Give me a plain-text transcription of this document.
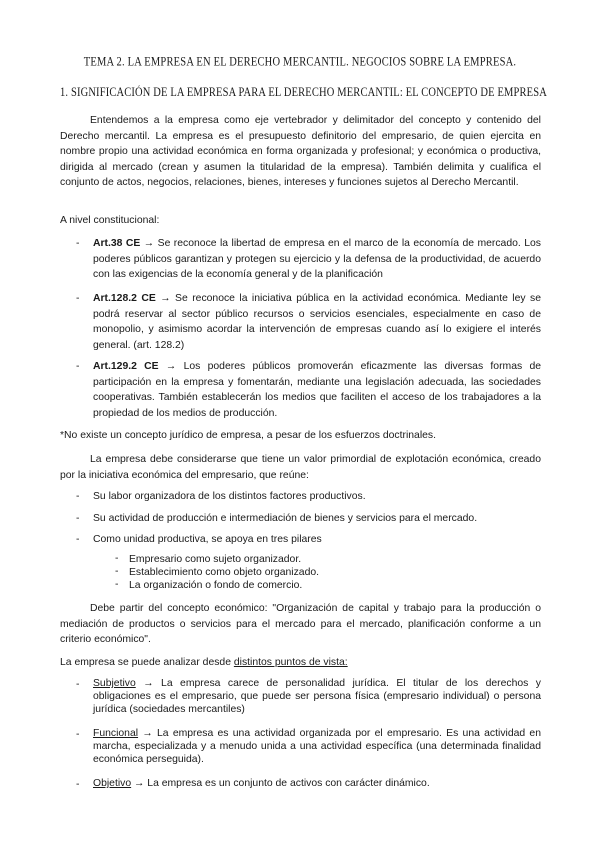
TEMA 2. LA EMPRESA EN EL DERECHO MERCANTIL. NEGOCIOS SOBRE LA EMPRESA.
1. SIGNIFICACIÓN DE LA EMPRESA PARA EL DERECHO MERCANTIL: EL CONCEPTO DE EMPRESA
Entendemos a la empresa como eje vertebrador y delimitador del concepto y contenido del Derecho mercantil. La empresa es el presupuesto definitorio del empresario, de quien ejercita en nombre propio una actividad económica en forma organizada y profesional; y económica o productiva, dirigida al mercado (crean y asumen la titularidad de la empresa). También delimita y cualifica el conjunto de actos, negocios, relaciones, bienes, intereses y funciones sujetos al Derecho Mercantil.
A nivel constitucional:
- Art.38 CE → Se reconoce la libertad de empresa en el marco de la economía de mercado. Los poderes públicos garantizan y protegen su ejercicio y la defensa de la productividad, de acuerdo con las exigencias de la economía general y de la planificación
- Art.128.2 CE → Se reconoce la iniciativa pública en la actividad económica. Mediante ley se podrá reservar al sector público recursos o servicios esenciales, especialmente en caso de monopolio, y asimismo acordar la intervención de empresas cuando así lo exigiere el interés general. (art. 128.2)
- Art.129.2 CE → Los poderes públicos promoverán eficazmente las diversas formas de participación en la empresa y fomentarán, mediante una legislación adecuada, las sociedades cooperativas. También establecerán los medios que faciliten el acceso de los trabajadores a la propiedad de los medios de producción.
*No existe un concepto jurídico de empresa, a pesar de los esfuerzos doctrinales.
La empresa debe considerarse que tiene un valor primordial de explotación económica, creado por la iniciativa económica del empresario, que reúne:
- Su labor organizadora de los distintos factores productivos.
- Su actividad de producción e intermediación de bienes y servicios para el mercado.
- Como unidad productiva, se apoya en tres pilares
- Empresario como sujeto organizador.
- Establecimiento como objeto organizado.
- La organización o fondo de comercio.
Debe partir del concepto económico: "Organización de capital y trabajo para la producción o mediación de productos o servicios para el mercado para el mercado, planificación conforme a un criterio económico".
La empresa se puede analizar desde distintos puntos de vista:
- Subjetivo → La empresa carece de personalidad jurídica. El titular de los derechos y obligaciones es el empresario, que puede ser persona física (empresario individual) o persona jurídica (sociedades mercantiles)
- Funcional → La empresa es una actividad organizada por el empresario. Es una actividad en marcha, especializada y a menudo unida a una actividad específica (una determinada finalidad económica perseguida).
- Objetivo → La empresa es un conjunto de activos con carácter dinámico.
